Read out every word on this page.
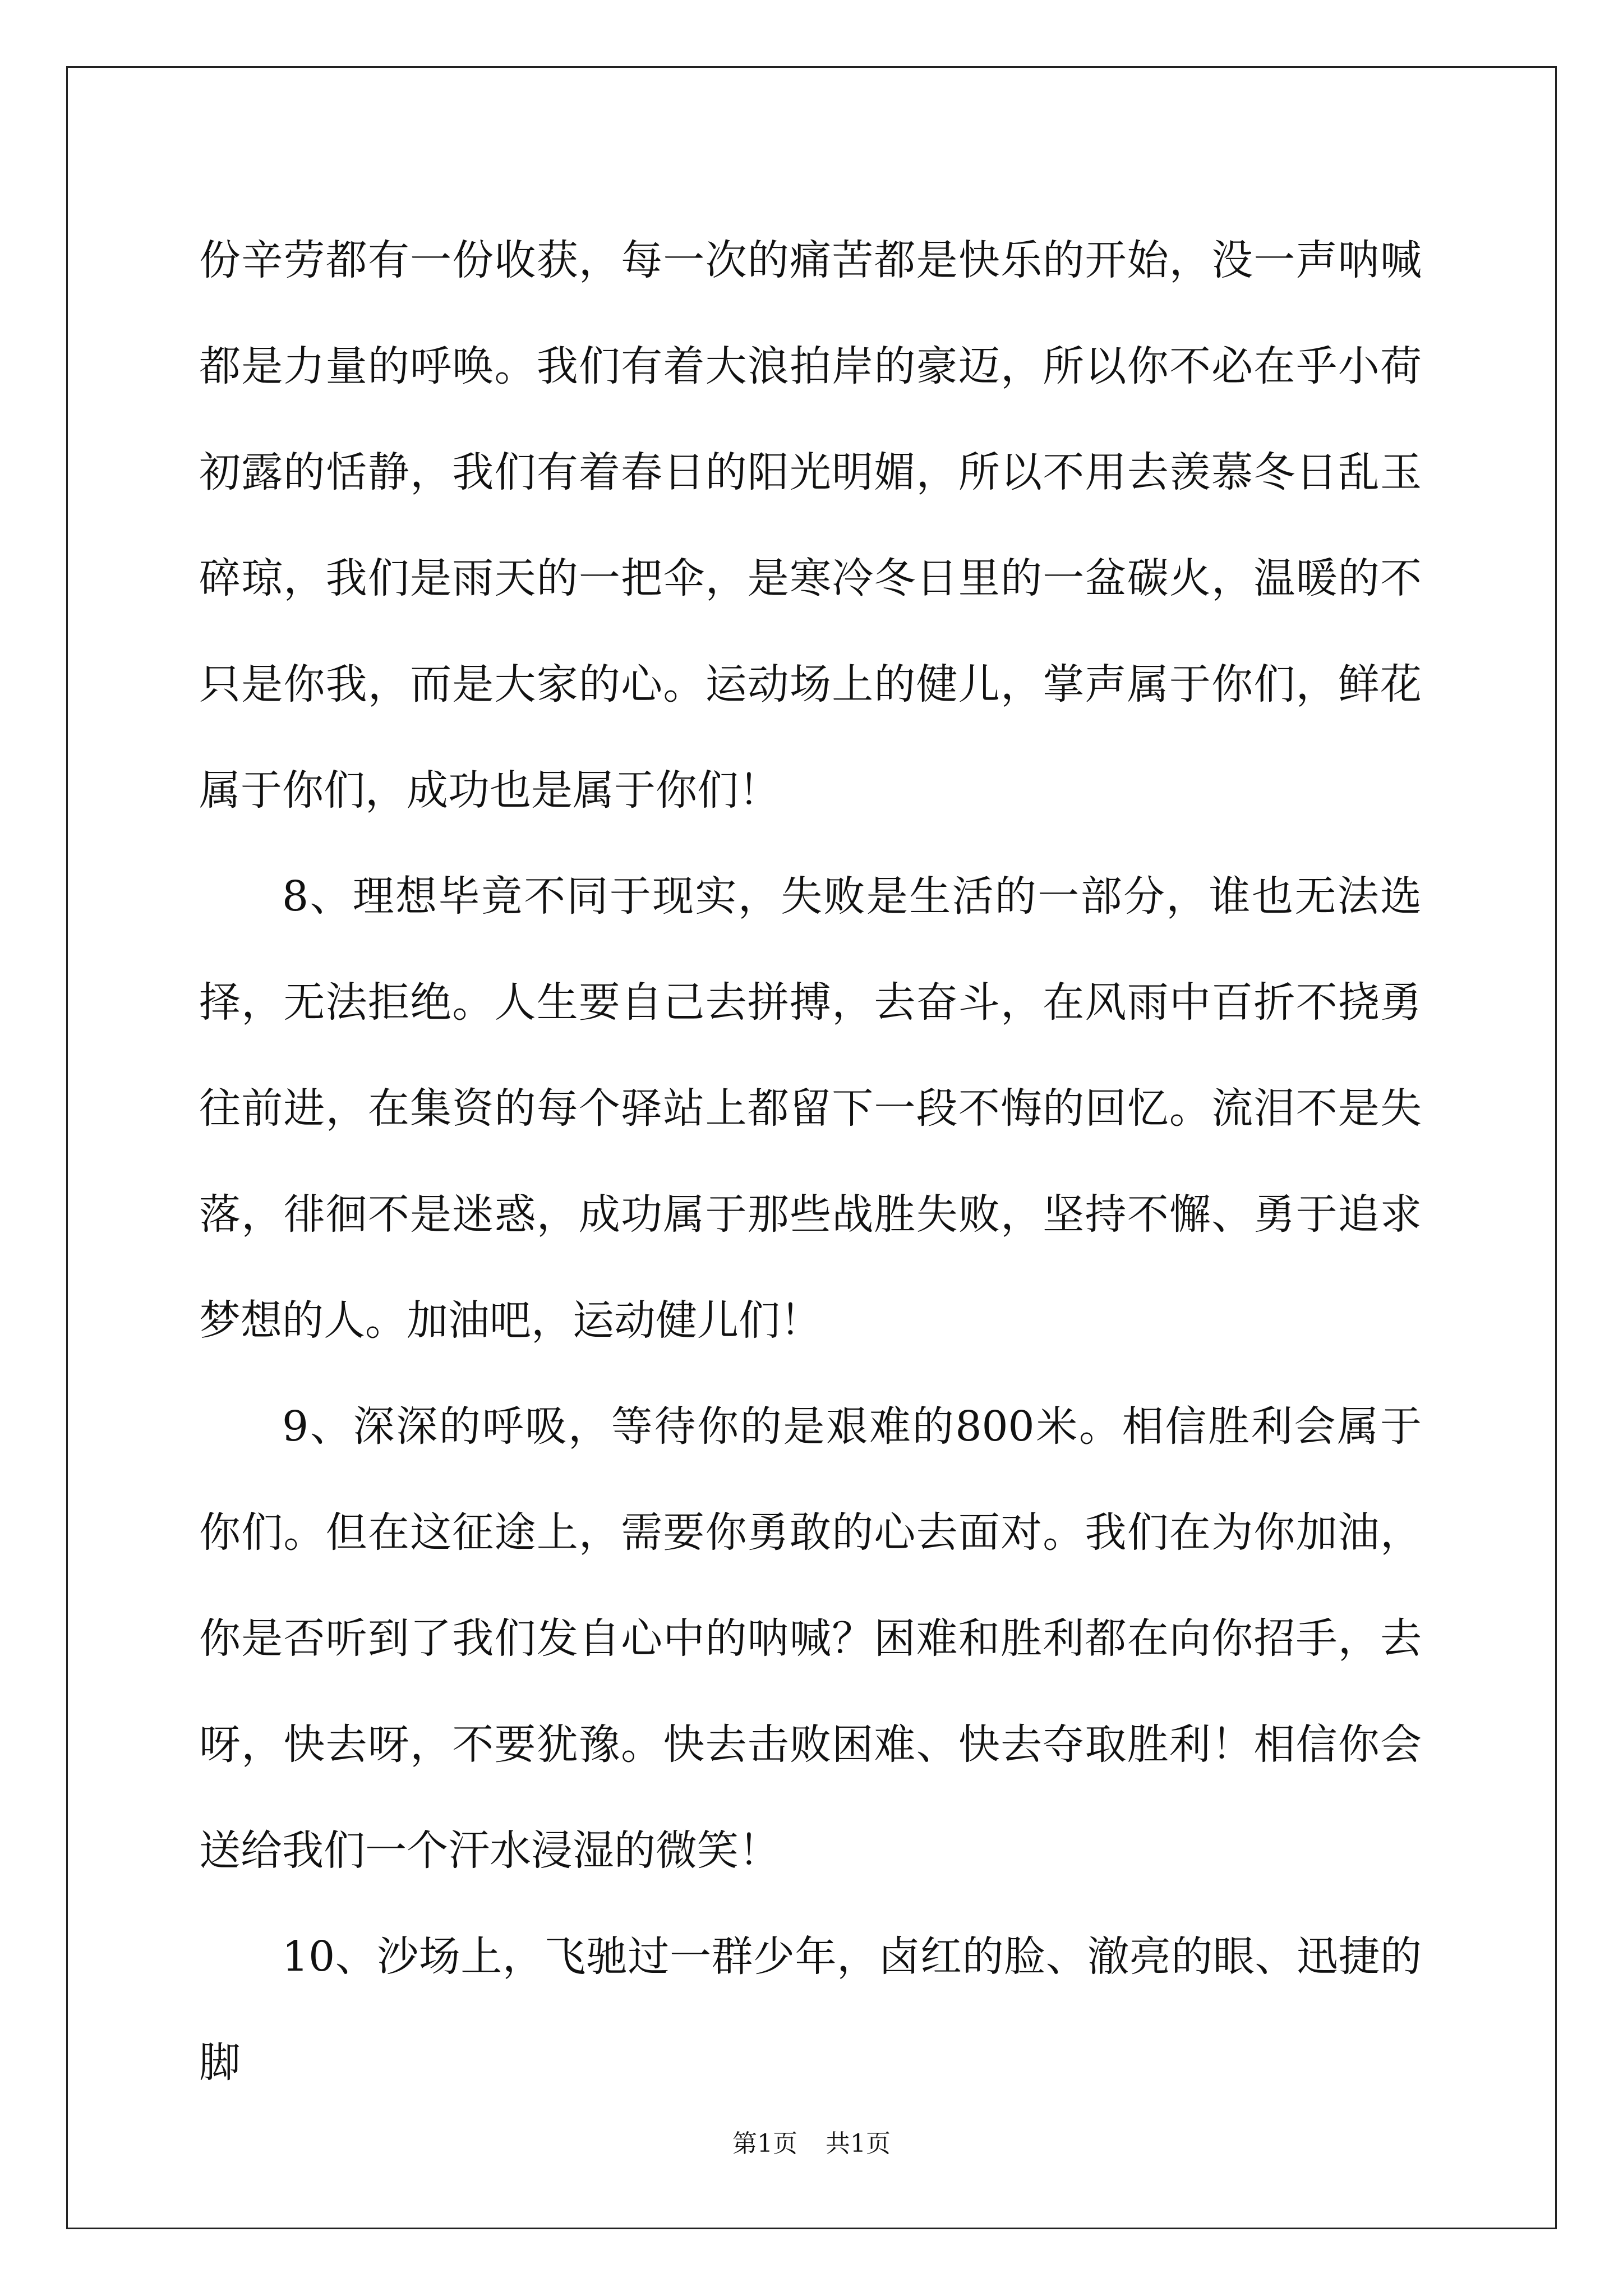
份辛劳都有一份收获，每一次的痛苦都是快乐的开始，没一声呐喊都是力量的呼唤。我们有着大浪拍岸的豪迈，所以你不必在乎小荷初露的恬静，我们有着春日的阳光明媚，所以不用去羡慕冬日乱玉碎琼，我们是雨天的一把伞，是寒冷冬日里的一盆碳火，温暖的不只是你我，而是大家的心。运动场上的健儿，掌声属于你们，鲜花属于你们，成功也是属于你们！

8、理想毕竟不同于现实，失败是生活的一部分，谁也无法选择，无法拒绝。人生要自己去拼搏，去奋斗，在风雨中百折不挠勇往前进，在集资的每个驿站上都留下一段不悔的回忆。流泪不是失落，徘徊不是迷惑，成功属于那些战胜失败，坚持不懈、勇于追求梦想的人。加油吧，运动健儿们！

9、深深的呼吸，等待你的是艰难的800米。相信胜利会属于你们。但在这征途上，需要你勇敢的心去面对。我们在为你加油，你是否听到了我们发自心中的呐喊？困难和胜利都在向你招手，去呀，快去呀，不要犹豫。快去击败困难、快去夺取胜利！相信你会送给我们一个汗水浸湿的微笑！

10、沙场上，飞驰过一群少年，卤红的脸、澈亮的眼、迅捷的脚

第1页 共1页
